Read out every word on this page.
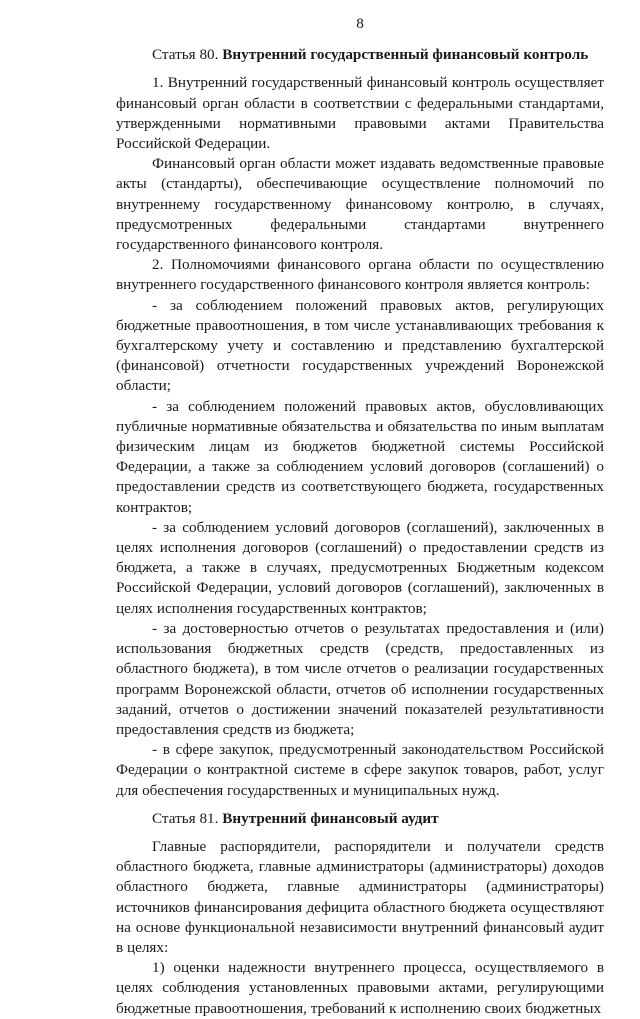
8
Статья 80. Внутренний государственный финансовый контроль

1. Внутренний государственный финансовый контроль осуществляет финансовый орган области в соответствии с федеральными стандартами, утвержденными нормативными правовыми актами Правительства Российской Федерации.

Финансовый орган области может издавать ведомственные правовые акты (стандарты), обеспечивающие осуществление полномочий по внутреннему государственному финансовому контролю, в случаях, предусмотренных федеральными стандартами внутреннего государственного финансового контроля.

2. Полномочиями финансового органа области по осуществлению внутреннего государственного финансового контроля является контроль:

- за соблюдением положений правовых актов, регулирующих бюджетные правоотношения, в том числе устанавливающих требования к бухгалтерскому учету и составлению и представлению бухгалтерской (финансовой) отчетности государственных учреждений Воронежской области;

- за соблюдением положений правовых актов, обусловливающих публичные нормативные обязательства и обязательства по иным выплатам физическим лицам из бюджетов бюджетной системы Российской Федерации, а также за соблюдением условий договоров (соглашений) о предоставлении средств из соответствующего бюджета, государственных контрактов;

- за соблюдением условий договоров (соглашений), заключенных в целях исполнения договоров (соглашений) о предоставлении средств из бюджета, а также в случаях, предусмотренных Бюджетным кодексом Российской Федерации, условий договоров (соглашений), заключенных в целях исполнения государственных контрактов;

- за достоверностью отчетов о результатах предоставления и (или) использования бюджетных средств (средств, предоставленных из областного бюджета), в том числе отчетов о реализации государственных программ Воронежской области, отчетов об исполнении государственных заданий, отчетов о достижении значений показателей результативности предоставления средств из бюджета;

- в сфере закупок, предусмотренный законодательством Российской Федерации о контрактной системе в сфере закупок товаров, работ, услуг для обеспечения государственных и муниципальных нужд.

Статья 81. Внутренний финансовый аудит

Главные распорядители, распорядители и получатели средств областного бюджета, главные администраторы (администраторы) доходов областного бюджета, главные администраторы (администраторы) источников финансирования дефицита областного бюджета осуществляют на основе функциональной независимости внутренний финансовый аудит в целях:

1) оценки надежности внутреннего процесса, осуществляемого в целях соблюдения установленных правовыми актами, регулирующими бюджетные правоотношения, требований к исполнению своих бюджетных
